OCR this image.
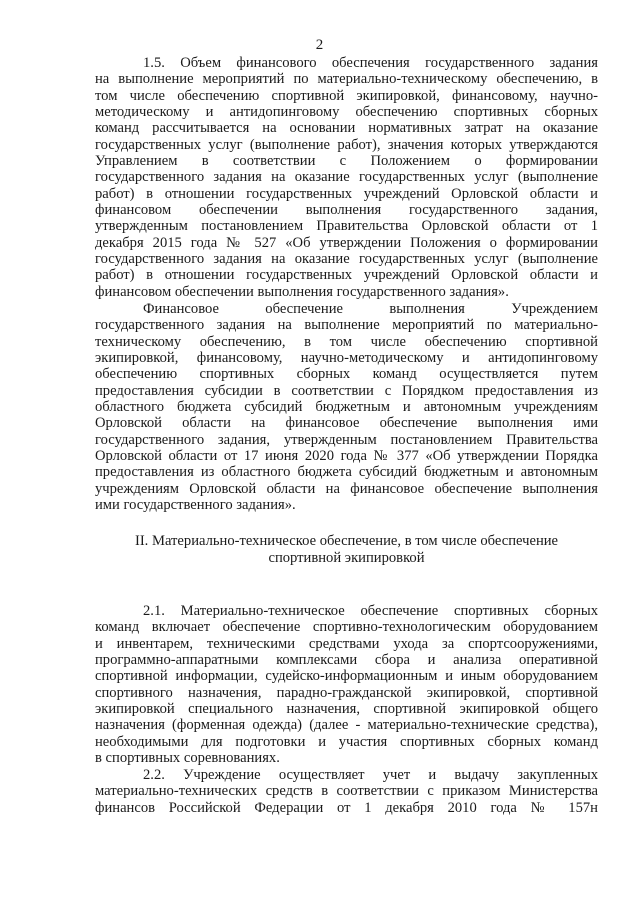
2
1.5. Объем финансового обеспечения государственного задания
на выполнение мероприятий по материально-техническому обеспечению, в
том числе обеспечению спортивной экипировкой, финансовому, научно-
методическому и антидопинговому обеспечению спортивных сборных
команд рассчитывается на основании нормативных затрат на оказание
государственных услуг (выполнение работ), значения которых утверждаются
Управлением в соответствии с Положением о формировании
государственного задания на оказание государственных услуг (выполнение
работ) в отношении государственных учреждений Орловской области и
финансовом обеспечении выполнения государственного задания,
утвержденным постановлением Правительства Орловской области от 1
декабря 2015 года № 527 «Об утверждении Положения о формировании
государственного задания на оказание государственных услуг (выполнение
работ) в отношении государственных учреждений Орловской области и
финансовом обеспечении выполнения государственного задания».
Финансовое обеспечение выполнения Учреждением
государственного задания на выполнение мероприятий по материально-
техническому обеспечению, в том числе обеспечению спортивной
экипировкой, финансовому, научно-методическому и антидопинговому
обеспечению спортивных сборных команд осуществляется путем
предоставления субсидии в соответствии с Порядком предоставления из
областного бюджета субсидий бюджетным и автономным учреждениям
Орловской области на финансовое обеспечение выполнения ими
государственного задания, утвержденным постановлением Правительства
Орловской области от 17 июня 2020 года № 377 «Об утверждении Порядка
предоставления из областного бюджета субсидий бюджетным и автономным
учреждениям Орловской области на финансовое обеспечение выполнения
ими государственного задания».
II. Материально-техническое обеспечение, в том числе обеспечение
спортивной экипировкой
2.1. Материально-техническое обеспечение спортивных сборных
команд включает обеспечение спортивно-технологическим оборудованием
и инвентарем, техническими средствами ухода за спортсооружениями,
программно-аппаратными комплексами сбора и анализа оперативной
спортивной информации, судейско-информационным и иным оборудованием
спортивного назначения, парадно-гражданской экипировкой, спортивной
экипировкой специального назначения, спортивной экипировкой общего
назначения (форменная одежда) (далее - материально-технические средства),
необходимыми для подготовки и участия спортивных сборных команд
в спортивных соревнованиях.
2.2. Учреждение осуществляет учет и выдачу закупленных
материально-технических средств в соответствии с приказом Министерства
финансов Российской Федерации от 1 декабря 2010 года № 157н
